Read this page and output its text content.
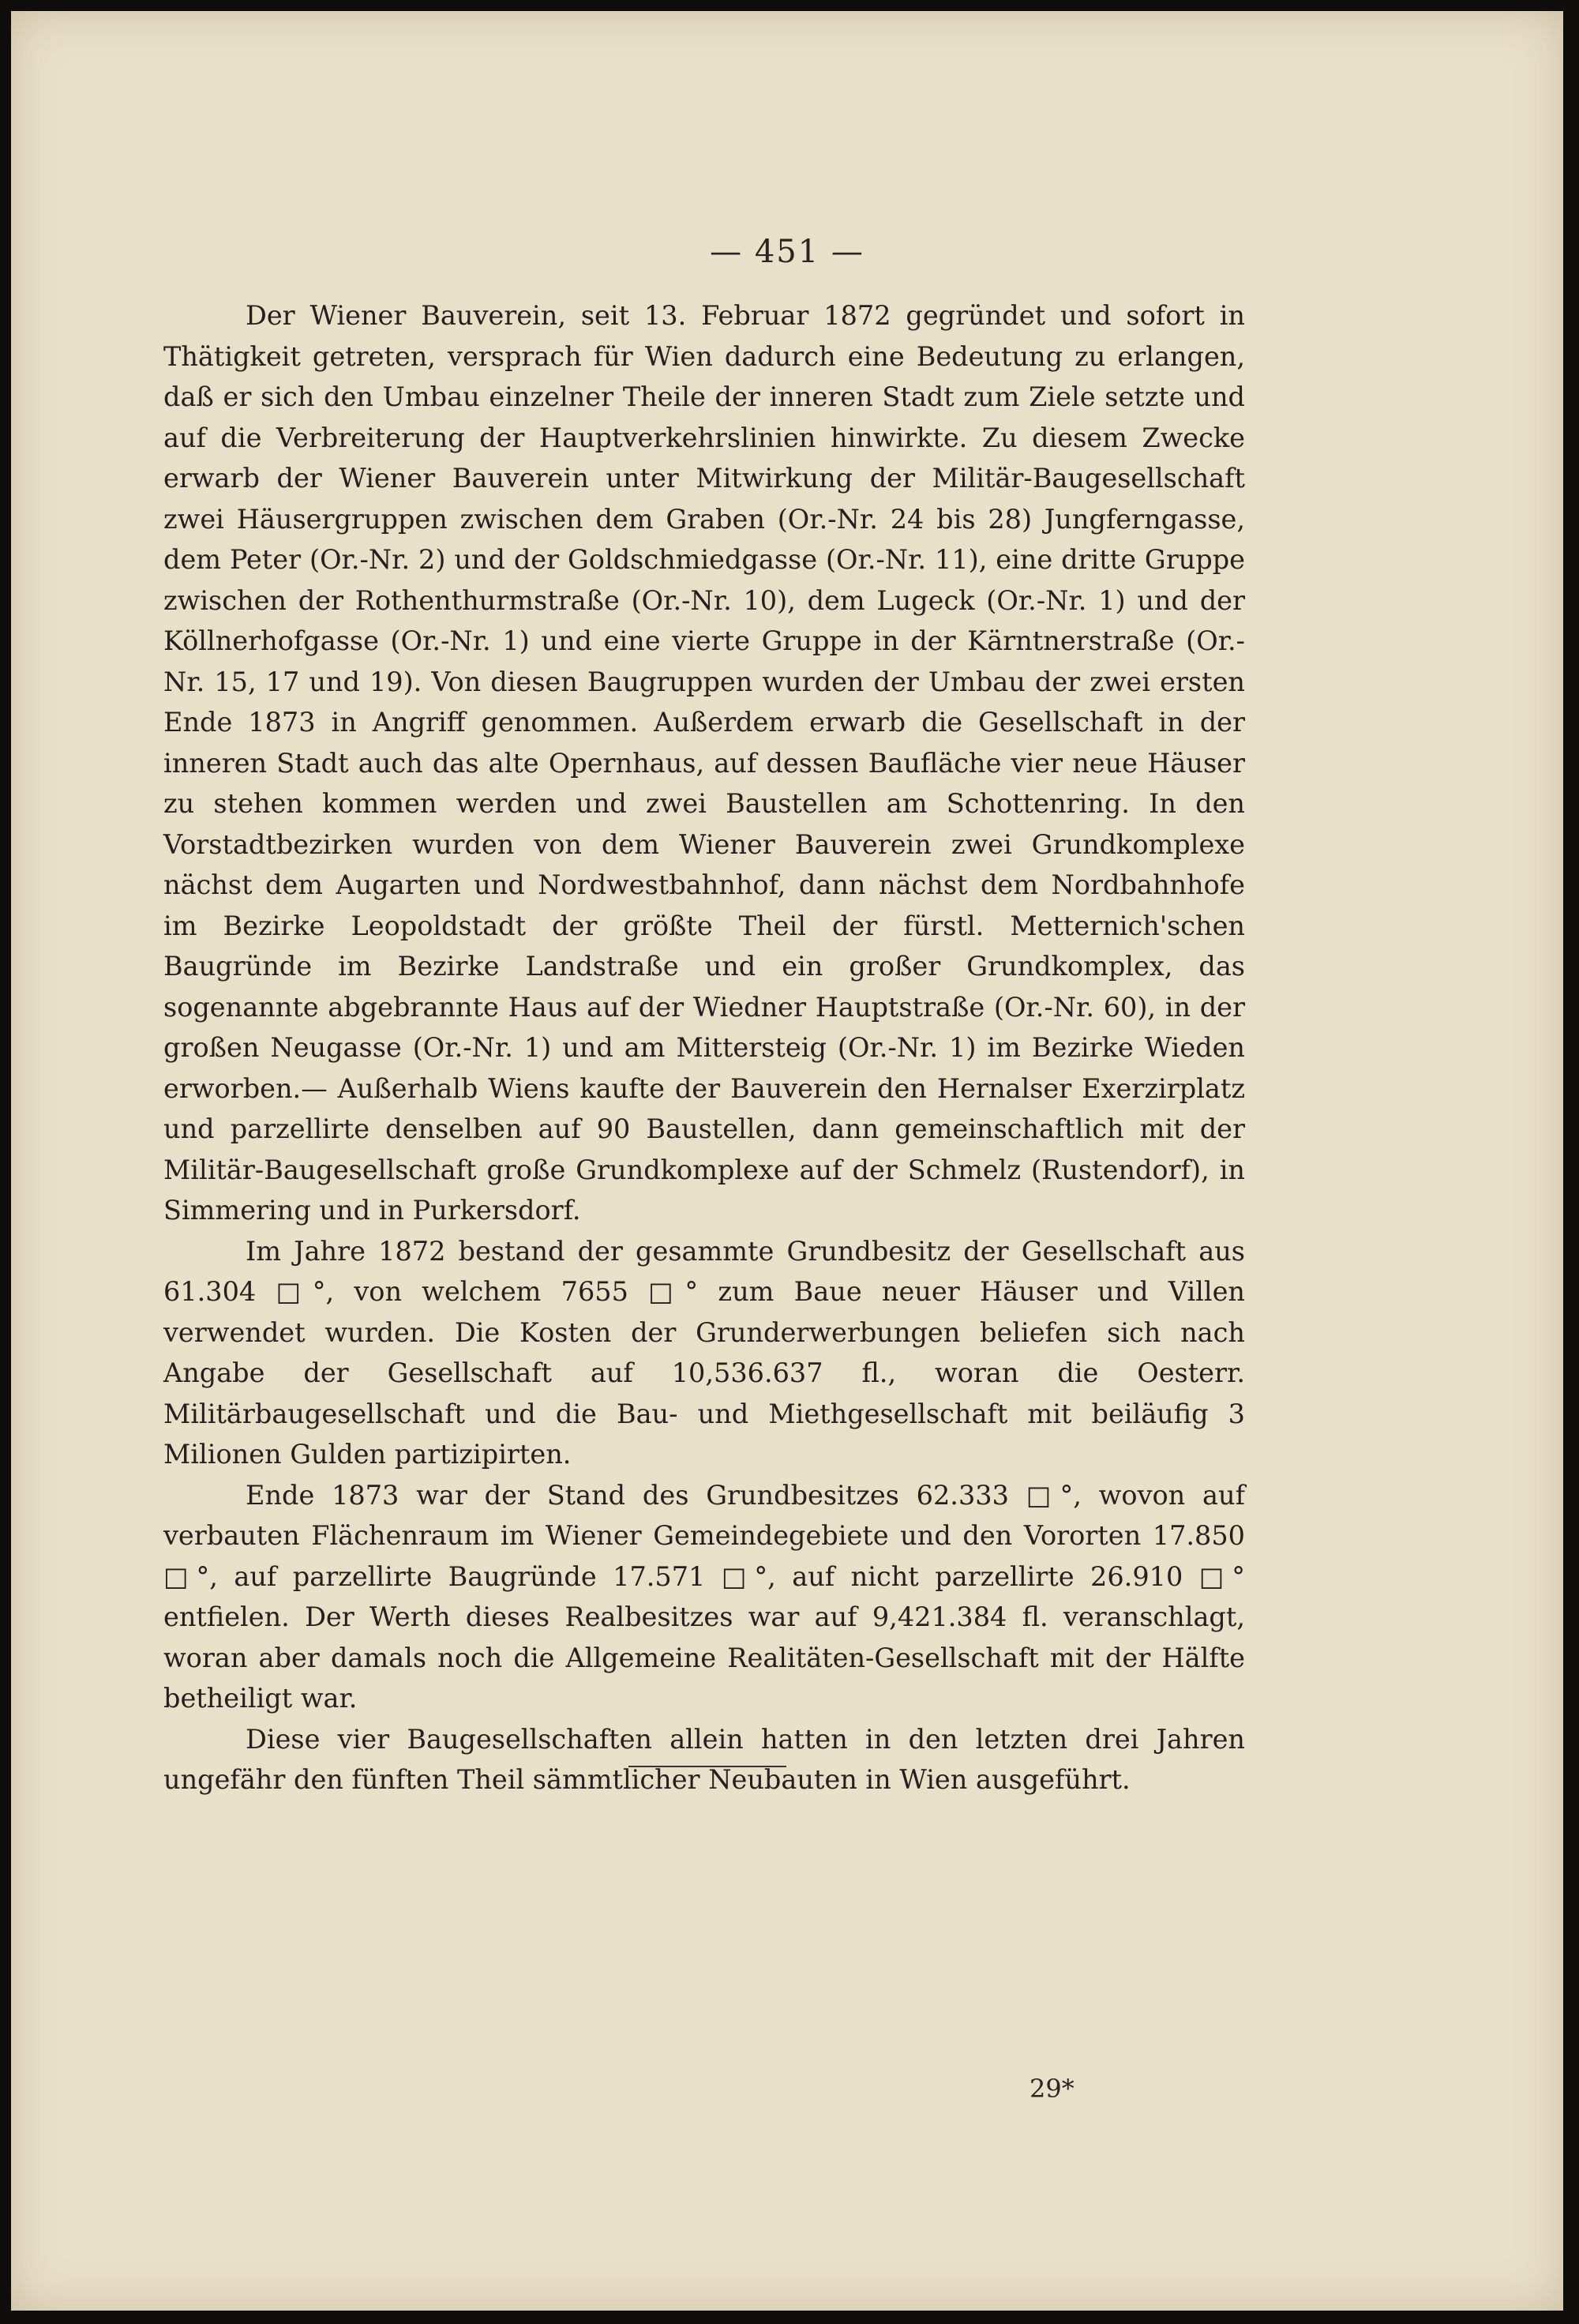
— 451 —

Der Wiener Bauverein, seit 13. Februar 1872 gegründet und sofort in Thätigkeit getreten, versprach für Wien dadurch eine Bedeutung zu erlangen, daß er sich den Umbau einzelner Theile der inneren Stadt zum Ziele setzte und auf die Verbreiterung der Hauptverkehrslinien hinwirkte. Zu diesem Zwecke erwarb der Wiener Bauverein unter Mitwirkung der Militär-Baugesellschaft zwei Häusergruppen zwischen dem Graben (Or.-Nr. 24 bis 28) Jungferngasse, dem Peter (Or.-Nr. 2) und der Goldschmiedgasse (Or.-Nr. 11), eine dritte Gruppe zwischen der Rothenthurmstraße (Or.-Nr. 10), dem Lugeck (Or.-Nr. 1) und der Köllnerhofgasse (Or.-Nr. 1) und eine vierte Gruppe in der Kärntnerstraße (Or.-Nr. 15, 17 und 19). Von diesen Baugruppen wurden der Umbau der zwei ersten Ende 1873 in Angriff genommen. Außerdem erwarb die Gesellschaft in der inneren Stadt auch das alte Opernhaus, auf dessen Baufläche vier neue Häuser zu stehen kommen werden und zwei Baustellen am Schottenring. In den Vorstadtbezirken wurden von dem Wiener Bauverein zwei Grundkomplexe nächst dem Augarten und Nordwestbahnhof, dann nächst dem Nordbahnhofe im Bezirke Leopoldstadt der größte Theil der fürstl. Metternich'schen Baugründe im Bezirke Landstraße und ein großer Grundkomplex, das sogenannte abgebrannte Haus auf der Wiedner Hauptstraße (Or.-Nr. 60), in der großen Neugasse (Or.-Nr. 1) und am Mittersteig (Or.-Nr. 1) im Bezirke Wieden erworben.— Außerhalb Wiens kaufte der Bauverein den Hernalser Exerzirplatz und parzellirte denselben auf 90 Baustellen, dann gemeinschaftlich mit der Militär-Baugesellschaft große Grundkomplexe auf der Schmelz (Rustendorf), in Simmering und in Purkersdorf.

Im Jahre 1872 bestand der gesammte Grundbesitz der Gesellschaft aus 61.304 □°, von welchem 7655 □° zum Baue neuer Häuser und Villen verwendet wurden. Die Kosten der Grunderwerbungen beliefen sich nach Angabe der Gesellschaft auf 10,536.637 fl., woran die Oesterr. Militärbaugesellschaft und die Bau- und Miethgesellschaft mit beiläufig 3 Milionen Gulden partizipirten.

Ende 1873 war der Stand des Grundbesitzes 62.333 □°, wovon auf verbauten Flächenraum im Wiener Gemeindegebiete und den Vororten 17.850 □°, auf parzellirte Baugründe 17.571 □°, auf nicht parzellirte 26.910 □° entfielen. Der Werth dieses Realbesitzes war auf 9,421.384 fl. veranschlagt, woran aber damals noch die Allgemeine Realitäten-Gesellschaft mit der Hälfte betheiligt war.

Diese vier Baugesellschaften allein hatten in den letzten drei Jahren ungefähr den fünften Theil sämmtlicher Neubauten in Wien ausgeführt.

29*
